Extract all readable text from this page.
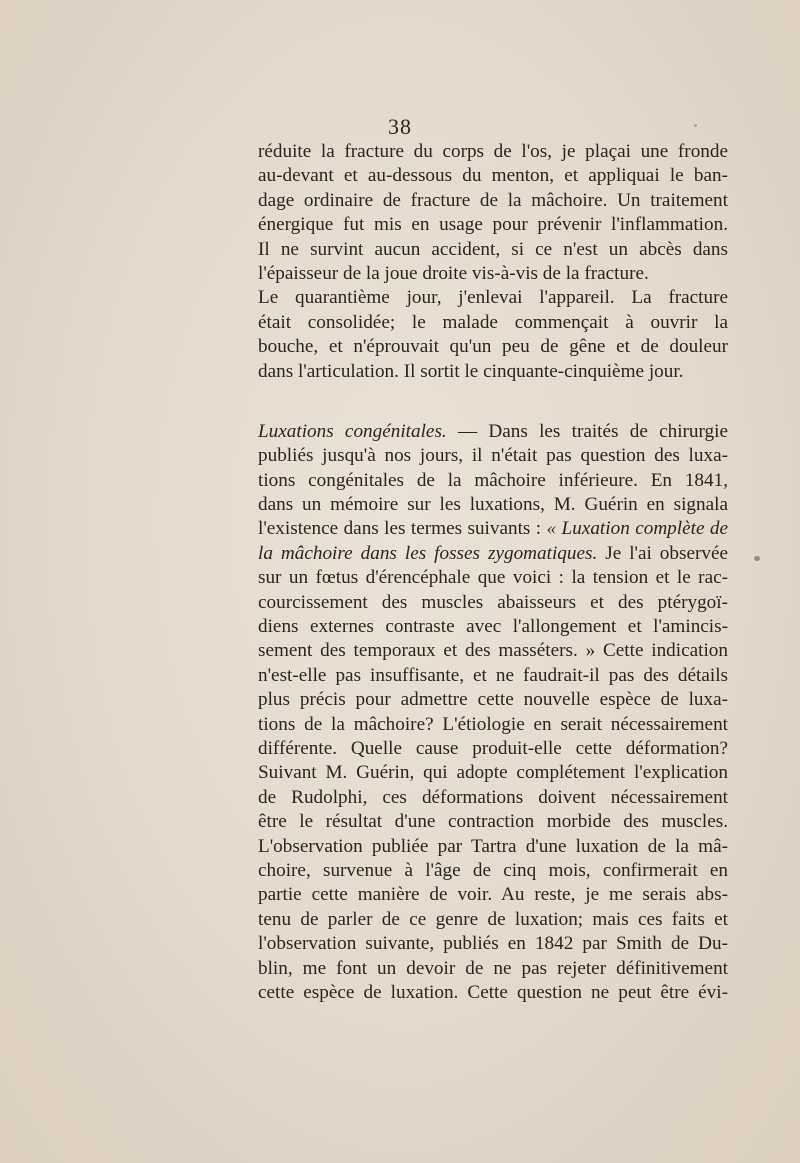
38
réduite la fracture du corps de l'os, je plaçai une fronde
au-devant et au-dessous du menton, et appliquai le ban-
dage ordinaire de fracture de la mâchoire. Un traitement
énergique fut mis en usage pour prévenir l'inflammation.
Il ne survint aucun accident, si ce n'est un abcès dans
l'épaisseur de la joue droite vis-à-vis de la fracture.
Le quarantième jour, j'enlevai l'appareil. La fracture
était consolidée; le malade commençait à ouvrir la
bouche, et n'éprouvait qu'un peu de gêne et de douleur
dans l'articulation. Il sortit le cinquante-cinquième jour.
Luxations congénitales. — Dans les traités de chirurgie
publiés jusqu'à nos jours, il n'était pas question des luxa-
tions congénitales de la mâchoire inférieure. En 1841,
dans un mémoire sur les luxations, M. Guérin en signala
l'existence dans les termes suivants : « Luxation complète de
la mâchoire dans les fosses zygomatiques. Je l'ai observée
sur un fœtus d'érencéphale que voici : la tension et le rac-
courcissement des muscles abaisseurs et des ptérygoï-
diens externes contraste avec l'allongement et l'amincis-
sement des temporaux et des masséters. » Cette indication
n'est-elle pas insuffisante, et ne faudrait-il pas des détails
plus précis pour admettre cette nouvelle espèce de luxa-
tions de la mâchoire? L'étiologie en serait nécessairement
différente. Quelle cause produit-elle cette déformation?
Suivant M. Guérin, qui adopte complétement l'explication
de Rudolphi, ces déformations doivent nécessairement
être le résultat d'une contraction morbide des muscles.
L'observation publiée par Tartra d'une luxation de la mâ-
choire, survenue à l'âge de cinq mois, confirmerait en
partie cette manière de voir. Au reste, je me serais abs-
tenu de parler de ce genre de luxation; mais ces faits et
l'observation suivante, publiés en 1842 par Smith de Du-
blin, me font un devoir de ne pas rejeter définitivement
cette espèce de luxation. Cette question ne peut être évi-
